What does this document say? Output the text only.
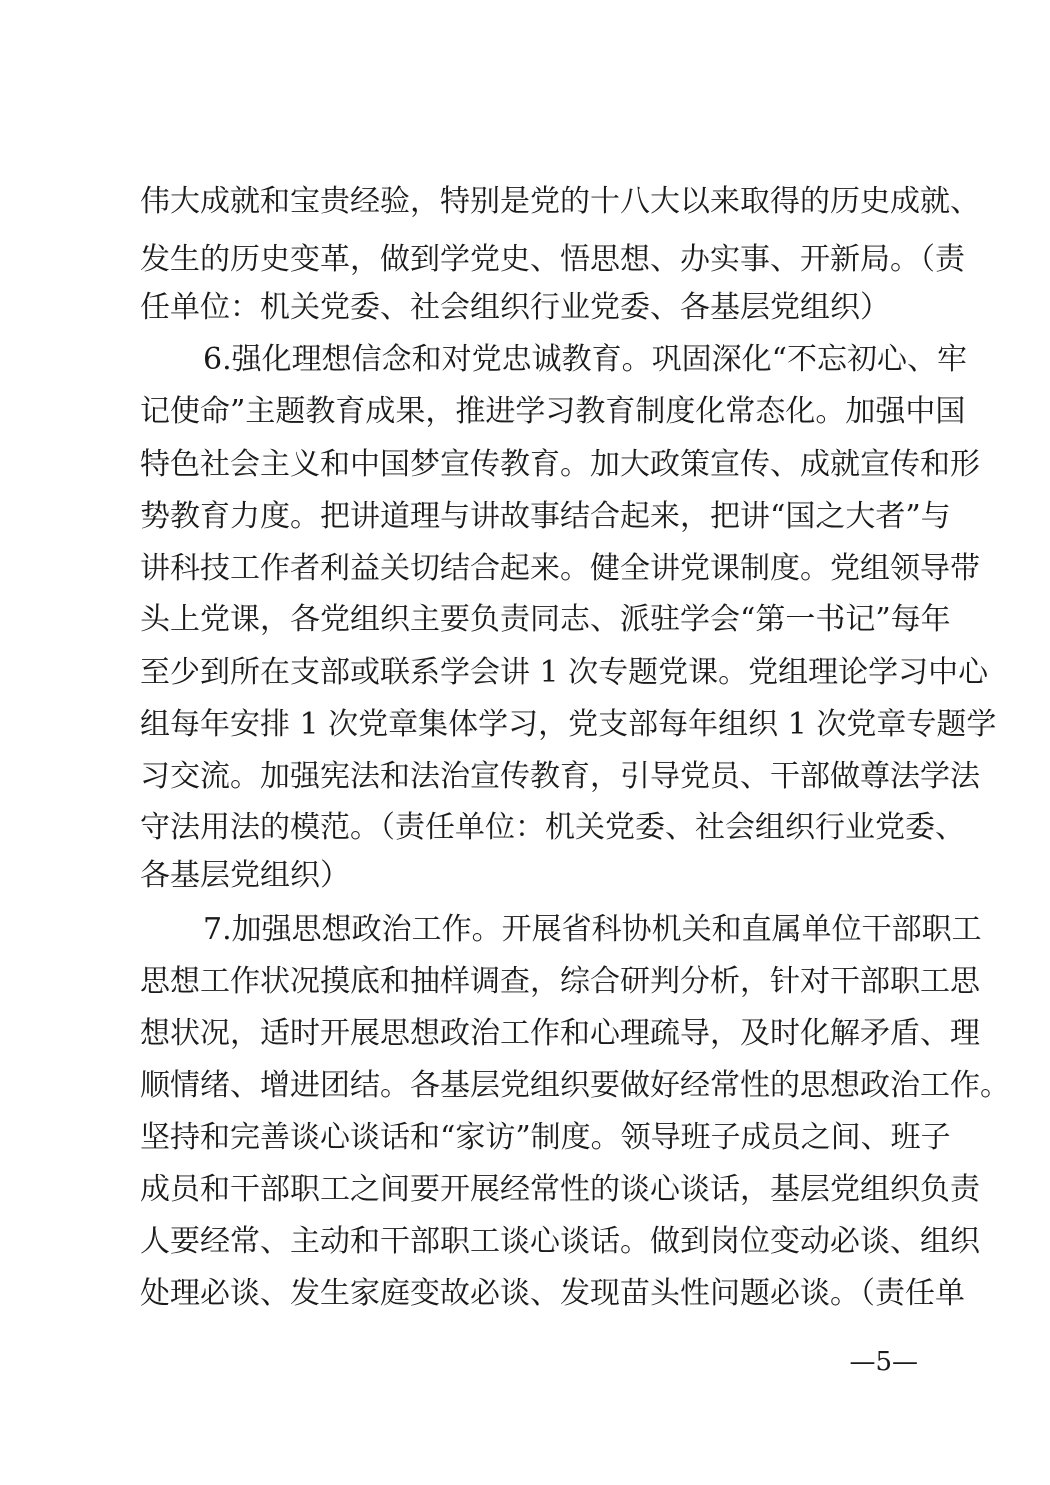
伟大成就和宝贵经验，特别是党的十八大以来取得的历史成就、
发生的历史变革，做到学党史、悟思想、办实事、开新局。（责
任单位：机关党委、社会组织行业党委、各基层党组织）
6.强化理想信念和对党忠诚教育。巩固深化“不忘初心、牢
记使命”主题教育成果，推进学习教育制度化常态化。加强中国
特色社会主义和中国梦宣传教育。加大政策宣传、成就宣传和形
势教育力度。把讲道理与讲故事结合起来，把讲“国之大者”与
讲科技工作者利益关切结合起来。健全讲党课制度。党组领导带
头上党课，各党组织主要负责同志、派驻学会“第一书记”每年
至少到所在支部或联系学会讲 1 次专题党课。党组理论学习中心
组每年安排 1 次党章集体学习，党支部每年组织 1 次党章专题学
习交流。加强宪法和法治宣传教育，引导党员、干部做尊法学法
守法用法的模范。（责任单位：机关党委、社会组织行业党委、
各基层党组织）
7.加强思想政治工作。开展省科协机关和直属单位干部职工
思想工作状况摸底和抽样调查，综合研判分析，针对干部职工思
想状况，适时开展思想政治工作和心理疏导，及时化解矛盾、理
顺情绪、增进团结。各基层党组织要做好经常性的思想政治工作。
坚持和完善谈心谈话和“家访”制度。领导班子成员之间、班子
成员和干部职工之间要开展经常性的谈心谈话，基层党组织负责
人要经常、主动和干部职工谈心谈话。做到岗位变动必谈、组织
处理必谈、发生家庭变故必谈、发现苗头性问题必谈。（责任单
—5—
